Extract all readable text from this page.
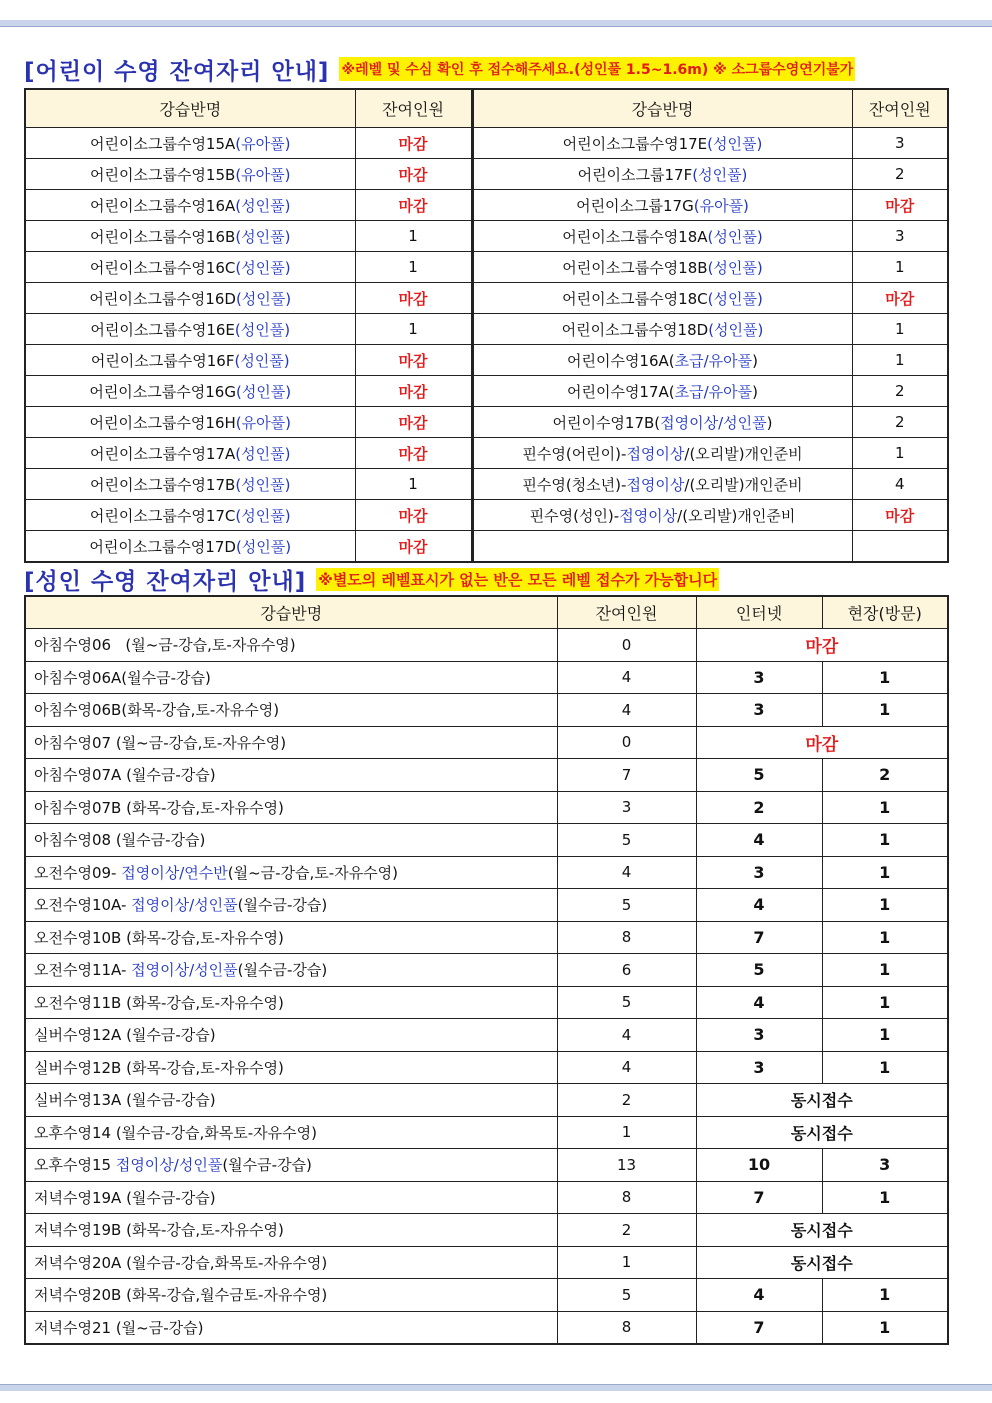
[어린이 수영 잔여자리 안내] ※레벨 및 수심 확인 후 접수해주세요.(성인풀 1.5~1.6m) ※ 소그룹수영연기불가
강습반명	잔여인원	강습반명	잔여인원
어린이소그룹수영15A(유아풀)	마감	어린이소그룹수영17E(성인풀)	3
어린이소그룹수영15B(유아풀)	마감	어린이소그룹17F(성인풀)	2
어린이소그룹수영16A(성인풀)	마감	어린이소그룹17G(유아풀)	마감
어린이소그룹수영16B(성인풀)	1	어린이소그룹수영18A(성인풀)	3
어린이소그룹수영16C(성인풀)	1	어린이소그룹수영18B(성인풀)	1
어린이소그룹수영16D(성인풀)	마감	어린이소그룹수영18C(성인풀)	마감
어린이소그룹수영16E(성인풀)	1	어린이소그룹수영18D(성인풀)	1
어린이소그룹수영16F(성인풀)	마감	어린이수영16A(초급/유아풀)	1
어린이소그룹수영16G(성인풀)	마감	어린이수영17A(초급/유아풀)	2
어린이소그룹수영16H(유아풀)	마감	어린이수영17B(접영이상/성인풀)	2
어린이소그룹수영17A(성인풀)	마감	핀수영(어린이)-접영이상/(오리발)개인준비	1
어린이소그룹수영17B(성인풀)	1	핀수영(청소년)-접영이상/(오리발)개인준비	4
어린이소그룹수영17C(성인풀)	마감	핀수영(성인)-접영이상/(오리발)개인준비	마감
어린이소그룹수영17D(성인풀)	마감		
[성인 수영 잔여자리 안내] ※별도의 레벨표시가 없는 반은 모든 레벨 접수가 가능합니다
강습반명	잔여인원	인터넷	현장(방문)
아침수영06   (월~금-강습,토-자유수영)	0	마감	
아침수영06A(월수금-강습)	4	3	1
아침수영06B(화목-강습,토-자유수영)	4	3	1
아침수영07 (월~금-강습,토-자유수영)	0	마감	
아침수영07A (월수금-강습)	7	5	2
아침수영07B (화목-강습,토-자유수영)	3	2	1
아침수영08 (월수금-강습)	5	4	1
오전수영09- 접영이상/연수반(월~금-강습,토-자유수영)	4	3	1
오전수영10A- 접영이상/성인풀(월수금-강습)	5	4	1
오전수영10B (화목-강습,토-자유수영)	8	7	1
오전수영11A- 접영이상/성인풀(월수금-강습)	6	5	1
오전수영11B (화목-강습,토-자유수영)	5	4	1
실버수영12A (월수금-강습)	4	3	1
실버수영12B (화목-강습,토-자유수영)	4	3	1
실버수영13A (월수금-강습)	2	동시접수	
오후수영14 (월수금-강습,화목토-자유수영)	1	동시접수	
오후수영15 접영이상/성인풀(월수금-강습)	13	10	3
저녁수영19A (월수금-강습)	8	7	1
저녁수영19B (화목-강습,토-자유수영)	2	동시접수	
저녁수영20A (월수금-강습,화목토-자유수영)	1	동시접수	
저녁수영20B (화목-강습,월수금토-자유수영)	5	4	1
저녁수영21 (월~금-강습)	8	7	1
